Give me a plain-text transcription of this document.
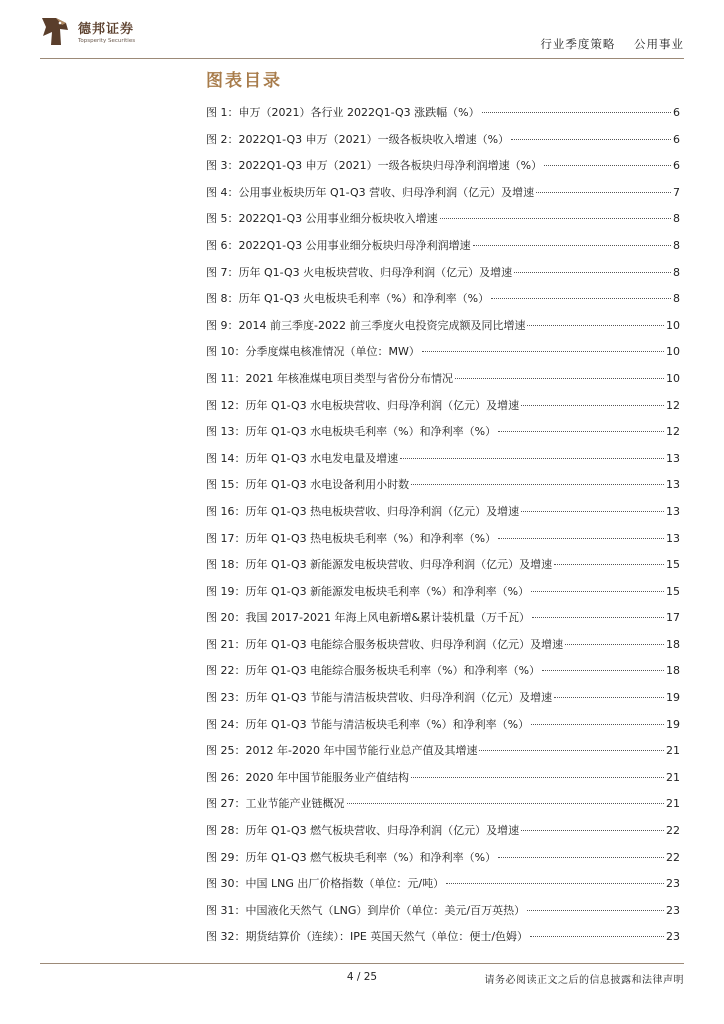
德邦证券
Topsperity Securities	行业季度策略 公用事业
图表目录
图 1 ： 申万（2021）各行业 2022Q1-Q3 涨跌幅（%）	6
图 2 ： 2022Q1-Q3 申万（2021）一级各板块收入增速（%）	6
图 3 ： 2022Q1-Q3 申万（2021）一级各板块归母净利润增速（%）	6
图 4 ： 公用事业板块历年 Q1-Q3 营收、归母净利润（亿元）及增速	7
图 5 ： 2022Q1-Q3 公用事业细分板块收入增速	8
图 6 ： 2022Q1-Q3 公用事业细分板块归母净利润增速	8
图 7 ： 历年 Q1-Q3 火电板块营收、归母净利润（亿元）及增速	8
图 8 ： 历年 Q1-Q3 火电板块毛利率（%）和净利率（%）	8
图 9 ： 2014 前三季度-2022 前三季度火电投资完成额及同比增速	10
图 10 ： 分季度煤电核准情况（单位：MW）	10
图 11 ： 2021 年核准煤电项目类型与省份分布情况	10
图 12 ： 历年 Q1-Q3 水电板块营收、归母净利润（亿元）及增速	12
图 13 ： 历年 Q1-Q3 水电板块毛利率（%）和净利率（%）	12
图 14 ： 历年 Q1-Q3 水电发电量及增速	13
图 15 ： 历年 Q1-Q3 水电设备利用小时数	13
图 16 ： 历年 Q1-Q3 热电板块营收、归母净利润（亿元）及增速	13
图 17 ： 历年 Q1-Q3 热电板块毛利率（%）和净利率（%）	13
图 18 ： 历年 Q1-Q3 新能源发电板块营收、归母净利润（亿元）及增速	15
图 19 ： 历年 Q1-Q3 新能源发电板块毛利率（%）和净利率（%）	15
图 20 ： 我国 2017-2021 年海上风电新增&累计装机量（万千瓦）	17
图 21 ： 历年 Q1-Q3 电能综合服务板块营收、归母净利润（亿元）及增速	18
图 22 ： 历年 Q1-Q3 电能综合服务板块毛利率（%）和净利率（%）	18
图 23 ： 历年 Q1-Q3 节能与清洁板块营收、归母净利润（亿元）及增速	19
图 24 ： 历年 Q1-Q3 节能与清洁板块毛利率（%）和净利率（%）	19
图 25 ： 2012 年-2020 年中国节能行业总产值及其增速	21
图 26 ： 2020 年中国节能服务业产值结构	21
图 27 ： 工业节能产业链概况	21
图 28 ： 历年 Q1-Q3 燃气板块营收、归母净利润（亿元）及增速	22
图 29 ： 历年 Q1-Q3 燃气板块毛利率（%）和净利率（%）	22
图 30 ： 中国 LNG 出厂价格指数（单位：元/吨）	23
图 31 ： 中国液化天然气（LNG）到岸价（单位：美元/百万英热）	23
图 32 ： 期货结算价（连续）：IPE 英国天然气（单位：便士/色姆）	23
4 / 25	请务必阅读正文之后的信息披露和法律声明
